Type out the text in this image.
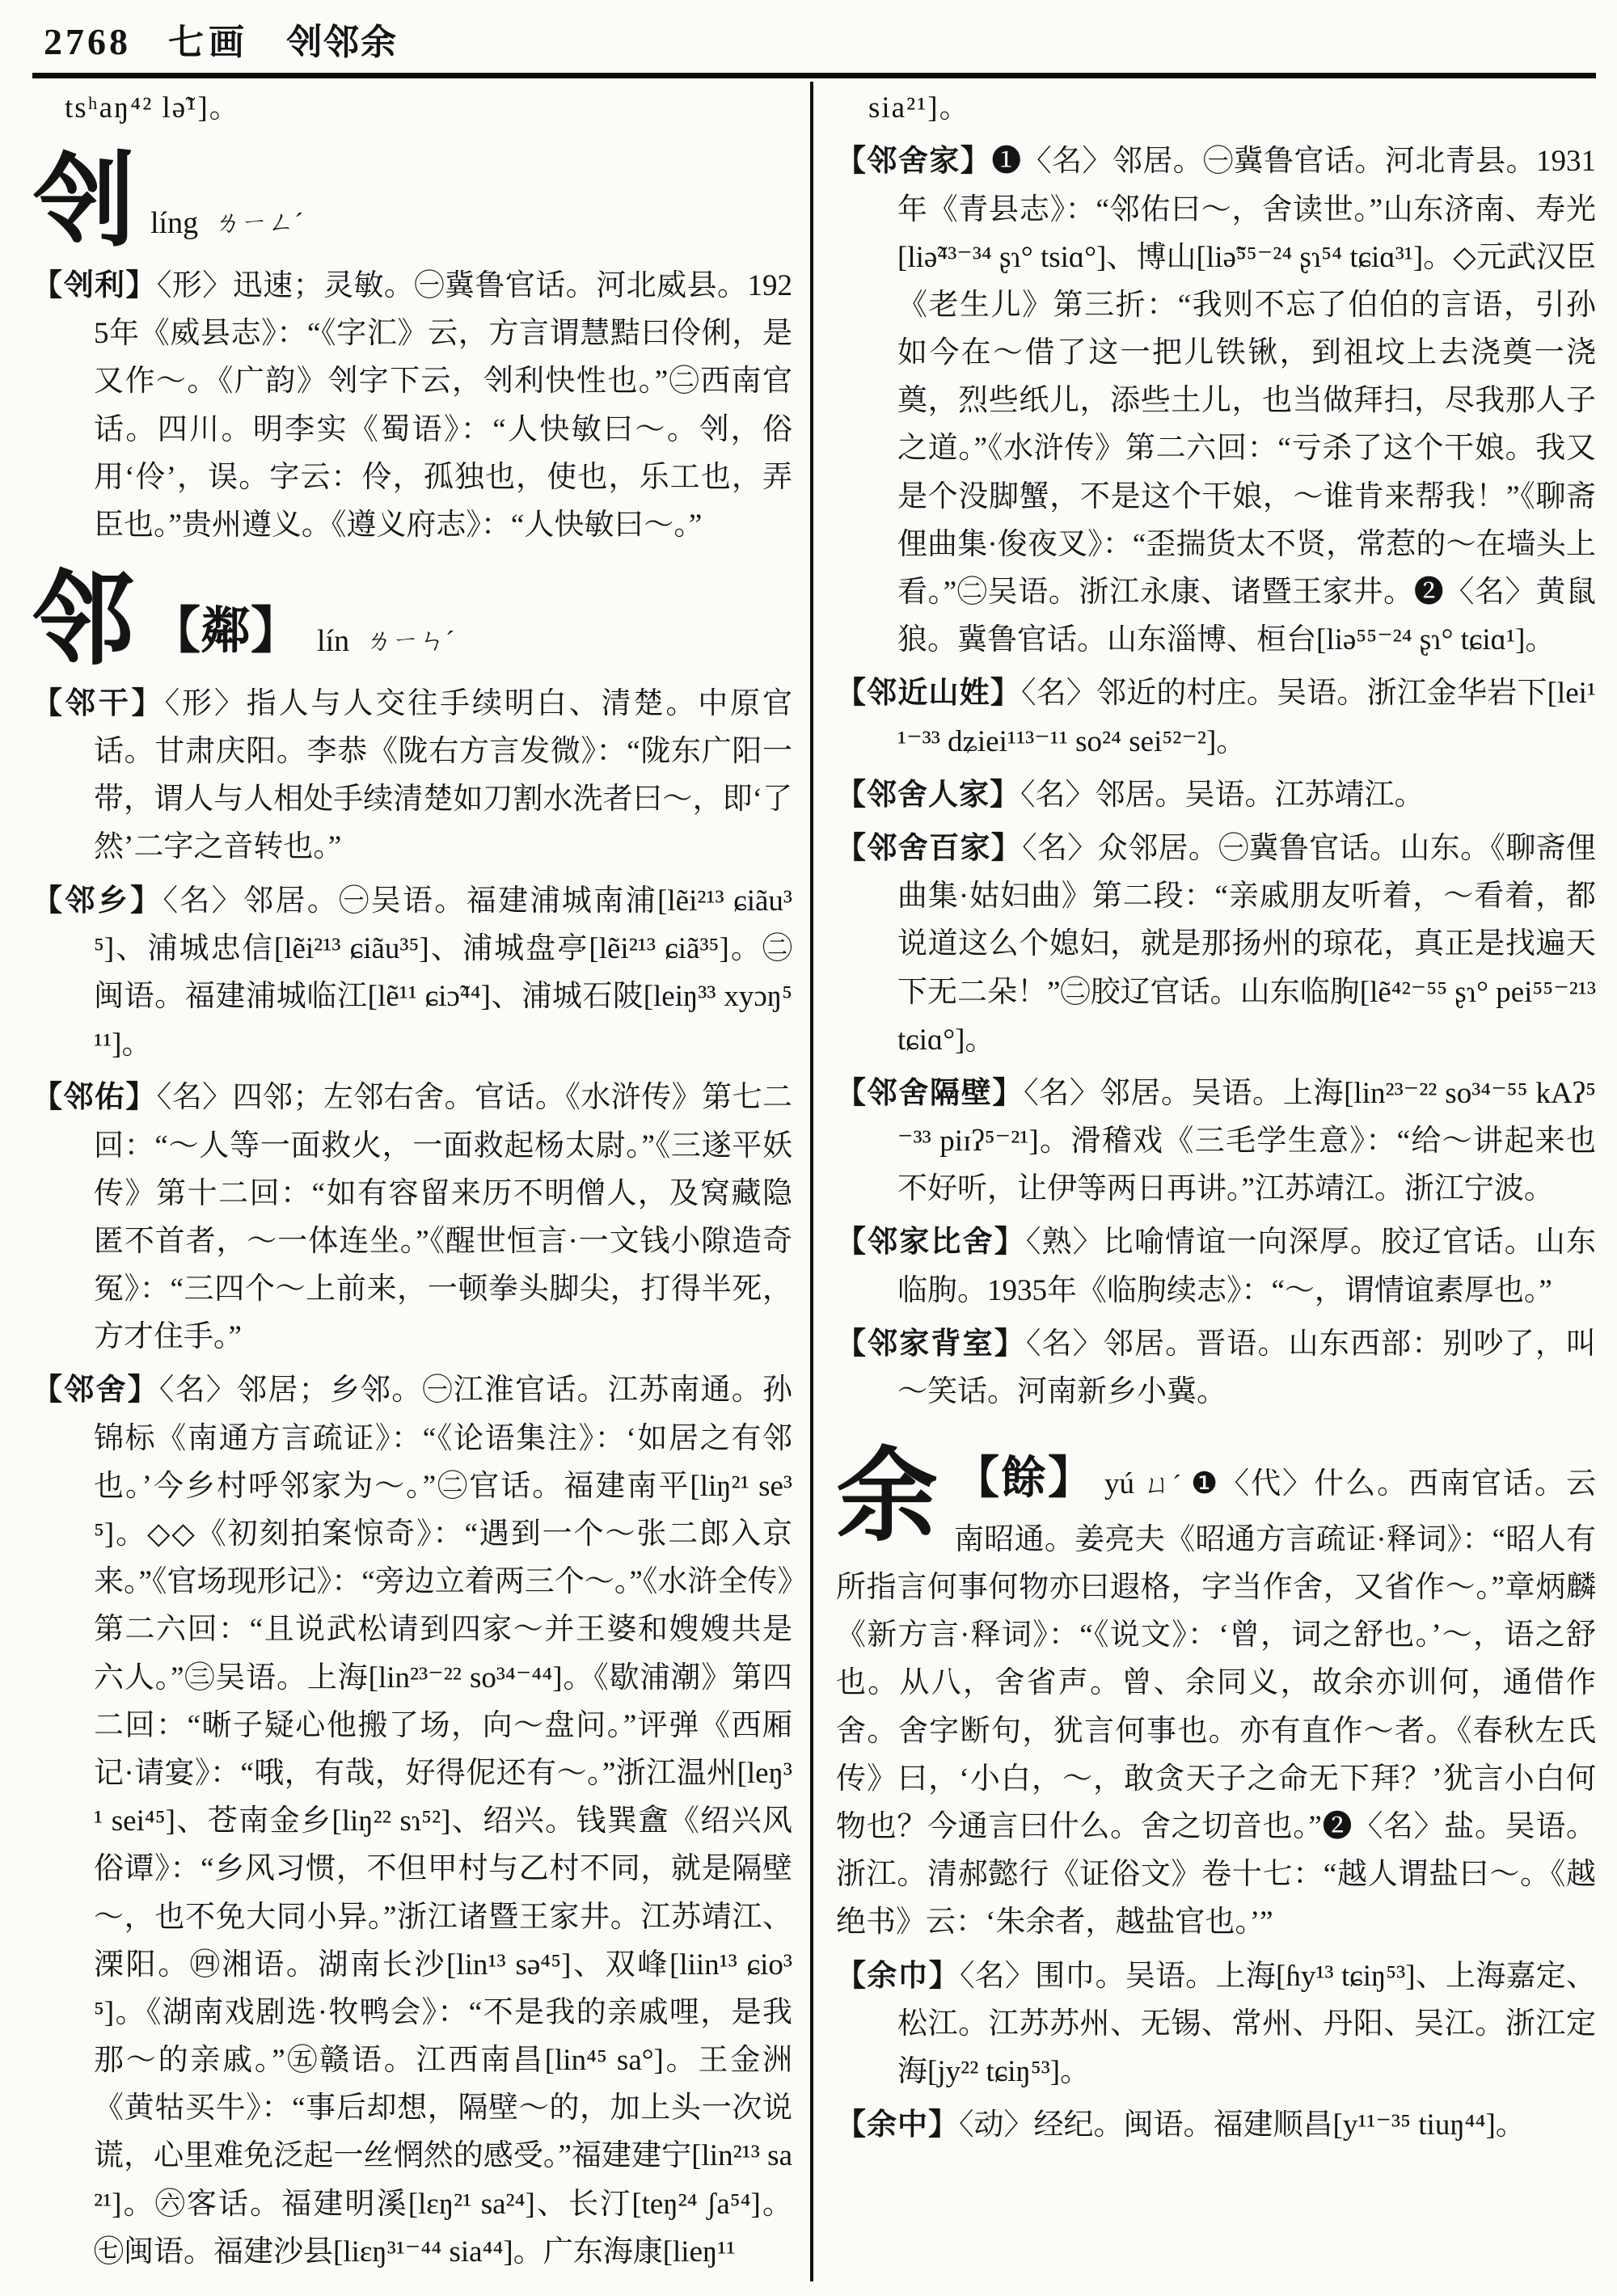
2768 七画 刢邻余

tsʰaŋ⁴² lə̃¹]。

刢 líng ㄌㄧㄥˊ

【刢利】〈形〉迅速；灵敏。㊀冀鲁官话。河北威县。1925年《威县志》：“《字汇》云，方言谓慧黠曰伶俐，是又作～。《广韵》刢字下云，刢利快性也。”㊁西南官话。四川。明李实《蜀语》：“人快敏曰～。刢，俗用‘伶’，误。字云：伶，孤独也，使也，乐工也，弄臣也。”贵州遵义。《遵义府志》：“人快敏曰～。”

邻 【鄰】 lín ㄌㄧㄣˊ

【邻干】〈形〉指人与人交往手续明白、清楚。中原官话。甘肃庆阳。李恭《陇右方言发微》：“陇东广阳一带，谓人与人相处手续清楚如刀割水洗者曰～，即‘了然’二字之音转也。”

【邻乡】〈名〉邻居。㊀吴语。福建浦城南浦[lẽi²¹³ ɕiãu³⁵]、浦城忠信[lẽi²¹³ ɕiãu³⁵]、浦城盘亭[lẽi²¹³ ɕiã³⁵]。㊁闽语。福建浦城临江[lẽ¹¹ ɕiɔ̃⁴⁴]、浦城石陂[leiŋ³³ xyɔŋ⁵¹¹]。

【邻佑】〈名〉四邻；左邻右舍。官话。《水浒传》第七二回：“～人等一面救火，一面救起杨太尉。”《三遂平妖传》第十二回：“如有容留来历不明僧人，及窝藏隐匿不首者，～一体连坐。”《醒世恒言·一文钱小隙造奇冤》：“三四个～上前来，一顿拳头脚尖，打得半死，方才住手。”

【邻舍】〈名〉邻居；乡邻。㊀江淮官话。江苏南通。孙锦标《南通方言疏证》：“《论语集注》：‘如居之有邻也。’今乡村呼邻家为～。”㊁官话。福建南平[liŋ²¹ se³⁵]。◇◇《初刻拍案惊奇》：“遇到一个～张二郎入京来。”《官场现形记》：“旁边立着两三个～。”《水浒全传》第二六回：“且说武松请到四家～并王婆和嫂嫂共是六人。”㊂吴语。上海[lin²³⁻²² so³⁴⁻⁴⁴]。《歇浦潮》第四二回：“晰子疑心他搬了场，向～盘问。”评弹《西厢记·请宴》：“哦，有哉，好得伲还有～。”浙江温州[leŋ³¹ sei⁴⁵]、苍南金乡[liŋ²² sɿ⁵²]、绍兴。钱巽盦《绍兴风俗谭》：“乡风习惯，不但甲村与乙村不同，就是隔壁～，也不免大同小异。”浙江诸暨王家井。江苏靖江、溧阳。㊃湘语。湖南长沙[lin¹³ sə⁴⁵]、双峰[liin¹³ ɕio³⁵]。《湖南戏剧选·牧鸭会》：“不是我的亲戚哩，是我那～的亲戚。”㊄赣语。江西南昌[lin⁴⁵ sa°]。王金洲《黄牯买牛》：“事后却想，隔壁～的，加上头一次说谎，心里难免泛起一丝惘然的感受。”福建建宁[lin²¹³ sa²¹]。㊅客话。福建明溪[lɛŋ²¹ sa²⁴]、长汀[teŋ²⁴ ʃa⁵⁴]。㊆闽语。福建沙县[liɛŋ³¹⁻⁴⁴ sia⁴⁴]。广东海康[lieŋ¹¹

sia²¹]。

【邻舍家】❶〈名〉邻居。㊀冀鲁官话。河北青县。1931年《青县志》：“邻佑曰～，舍读世。”山东济南、寿光[liə̃⁴³⁻³⁴ ʂɿ° tsiɑ°]、博山[liə̃⁵⁵⁻²⁴ ʂɿ⁵⁴ tɕiɑ³¹]。◇元武汉臣《老生儿》第三折：“我则不忘了伯伯的言语，引孙如今在～借了这一把儿铁锹，到祖坟上去浇奠一浇奠，烈些纸儿，添些土儿，也当做拜扫，尽我那人子之道。”《水浒传》第二六回：“亏杀了这个干娘。我又是个没脚蟹，不是这个干娘，～谁肯来帮我！”《聊斋俚曲集·俊夜叉》：“歪揣货太不贤，常惹的～在墙头上看。”㊁吴语。浙江永康、诸暨王家井。❷〈名〉黄鼠狼。冀鲁官话。山东淄博、桓台[liə⁵⁵⁻²⁴ ʂɿ° tɕiɑ¹]。

【邻近山姓】〈名〉邻近的村庄。吴语。浙江金华岩下[lei¹¹⁻³³ dʑiei¹¹³⁻¹¹ so²⁴ sei⁵²⁻²]。

【邻舍人家】〈名〉邻居。吴语。江苏靖江。

【邻舍百家】〈名〉众邻居。㊀冀鲁官话。山东。《聊斋俚曲集·姑妇曲》第二段：“亲戚朋友听着，～看着，都说道这么个媳妇，就是那扬州的琼花，真正是找遍天下无二朵！”㊁胶辽官话。山东临朐[lẽ⁴²⁻⁵⁵ ʂɿ° pei⁵⁵⁻²¹³ tɕiɑ°]。

【邻舍隔壁】〈名〉邻居。吴语。上海[lin²³⁻²² so³⁴⁻⁵⁵ kAʔ⁵⁻³³ piɪʔ⁵⁻²¹]。滑稽戏《三毛学生意》：“给～讲起来也不好听，让伊等两日再讲。”江苏靖江。浙江宁波。

【邻家比舍】〈熟〉比喻情谊一向深厚。胶辽官话。山东临朐。1935年《临朐续志》：“～，谓情谊素厚也。”

【邻家背室】〈名〉邻居。晋语。山东西部：别吵了，叫～笑话。河南新乡小冀。

余 【餘】 yú ㄩˊ ❶〈代〉什么。西南官话。云南昭通。姜亮夫《昭通方言疏证·释词》：“昭人有所指言何事何物亦曰遐格，字当作舍，又省作～。”章炳麟《新方言·释词》：“《说文》：‘曾，词之舒也。’～，语之舒也。从八，舍省声。曾、余同义，故余亦训何，通借作舍。舍字断句，犹言何事也。亦有直作～者。《春秋左氏传》曰，‘小白，～，敢贪天子之命无下拜？’犹言小白何物也？今通言曰什么。舍之切音也。”❷〈名〉盐。吴语。浙江。清郝懿行《证俗文》卷十七：“越人谓盐曰～。《越绝书》云：‘朱余者，越盐官也。’”

【余巾】〈名〉围巾。吴语。上海[ɦy¹³ tɕiŋ⁵³]、上海嘉定、松江。江苏苏州、无锡、常州、丹阳、吴江。浙江定海[jy²² tɕiŋ⁵³]。

【余中】〈动〉经纪。闽语。福建顺昌[y¹¹⁻³⁵ tiuŋ⁴⁴]。
